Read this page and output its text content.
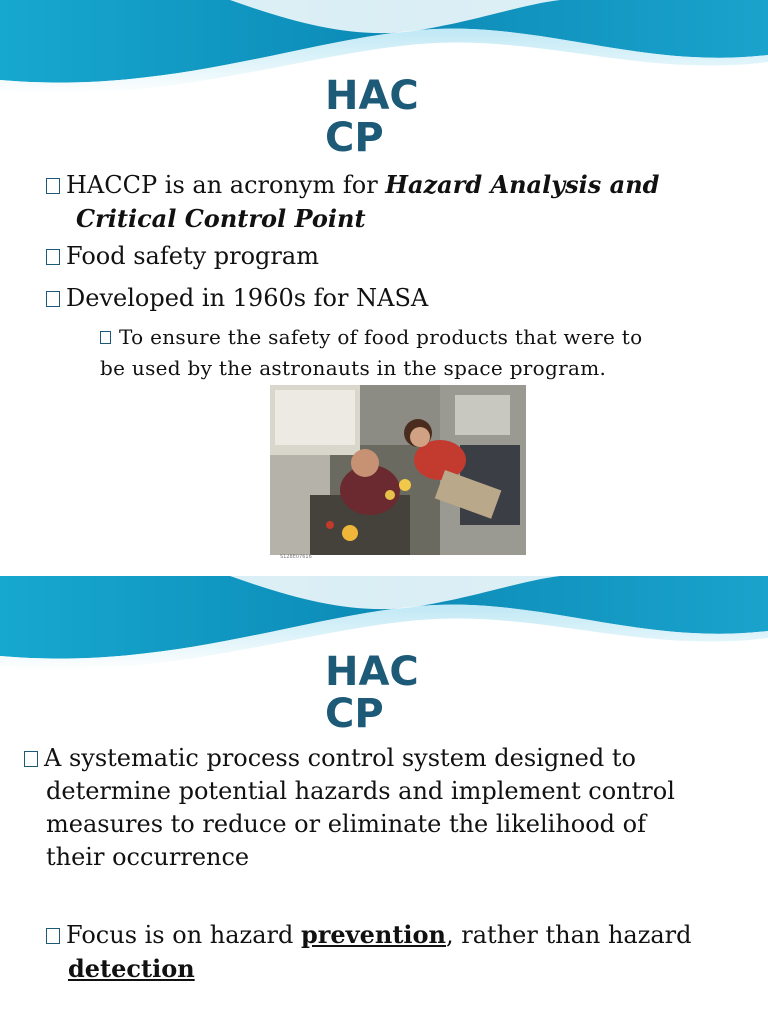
HACCP
HACCP is an acronym for Hazard Analysis and
Critical Control Point
Food safety program
Developed in 1960s for NASA
To ensure the safety of food products that were to be used by the astronauts in the space program.
S128E07616
HACCP
A systematic process control system designed to determine potential hazards and implement control measures to reduce or eliminate the likelihood of their occurrence
Focus is on hazard prevention, rather than hazard detection
